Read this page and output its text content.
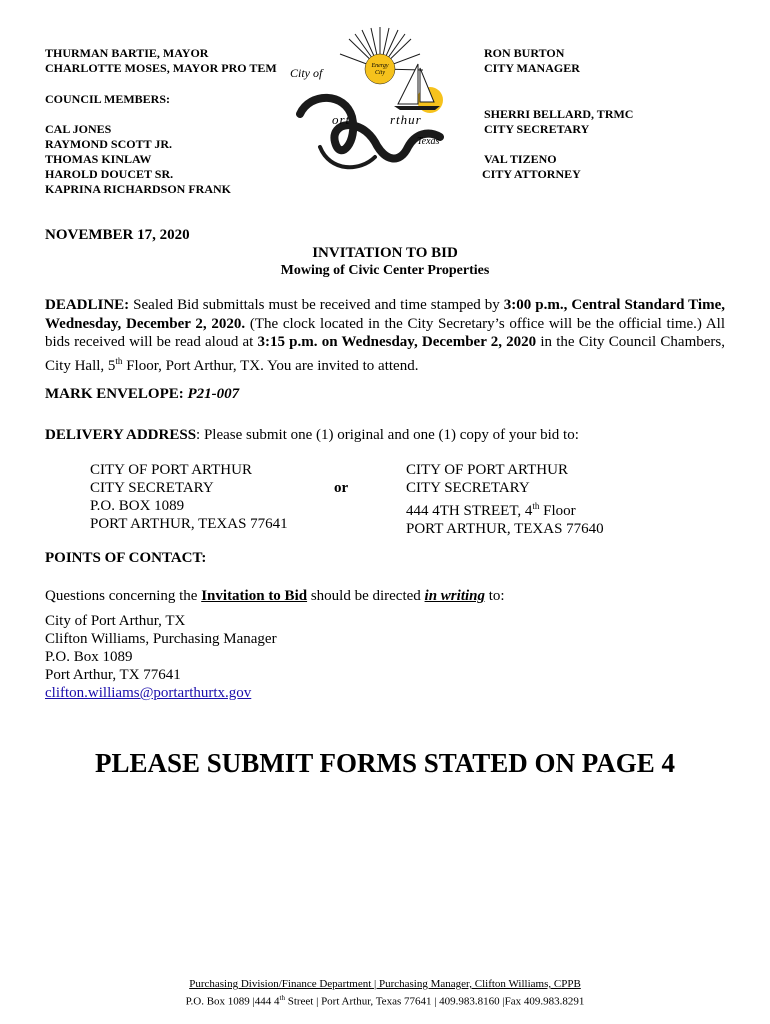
THURMAN BARTIE, MAYOR
CHARLOTTE MOSES, MAYOR PRO TEM
COUNCIL MEMBERS:
CAL JONES
RAYMOND SCOTT JR.
THOMAS KINLAW
HAROLD DOUCET SR.
KAPRINA RICHARDSON FRANK
RON BURTON
CITY MANAGER
SHERRI BELLARD, TRMC
CITY SECRETARY
VAL TIZENO
CITY ATTORNEY
Energy
City
City of
ort	rthur
Texas
NOVEMBER 17, 2020
INVITATION TO BID
Mowing of Civic Center Properties
DEADLINE: Sealed Bid submittals must be received and time stamped by 3:00 p.m., Central Standard Time, Wednesday, December 2, 2020. (The clock located in the City Secretary’s office will be the official time.) All bids received will be read aloud at 3:15 p.m. on Wednesday, December 2, 2020 in the City Council Chambers, City Hall, 5th Floor, Port Arthur, TX. You are invited to attend.
MARK ENVELOPE: P21-007
DELIVERY ADDRESS: Please submit one (1) original and one (1) copy of your bid to:
CITY OF PORT ARTHUR
CITY SECRETARY
P.O. BOX 1089
PORT ARTHUR, TEXAS 77641
or
CITY OF PORT ARTHUR
CITY SECRETARY
444 4TH STREET, 4th Floor
PORT ARTHUR, TEXAS 77640
POINTS OF CONTACT:
Questions concerning the Invitation to Bid should be directed in writing to:
City of Port Arthur, TX
Clifton Williams, Purchasing Manager
P.O. Box 1089
Port Arthur, TX 77641
clifton.williams@portarthurtx.gov
PLEASE SUBMIT FORMS STATED ON PAGE 4
Purchasing Division/Finance Department | Purchasing Manager, Clifton Williams, CPPB
P.O. Box 1089 |444 4th Street | Port Arthur, Texas 77641 | 409.983.8160 |Fax 409.983.8291
